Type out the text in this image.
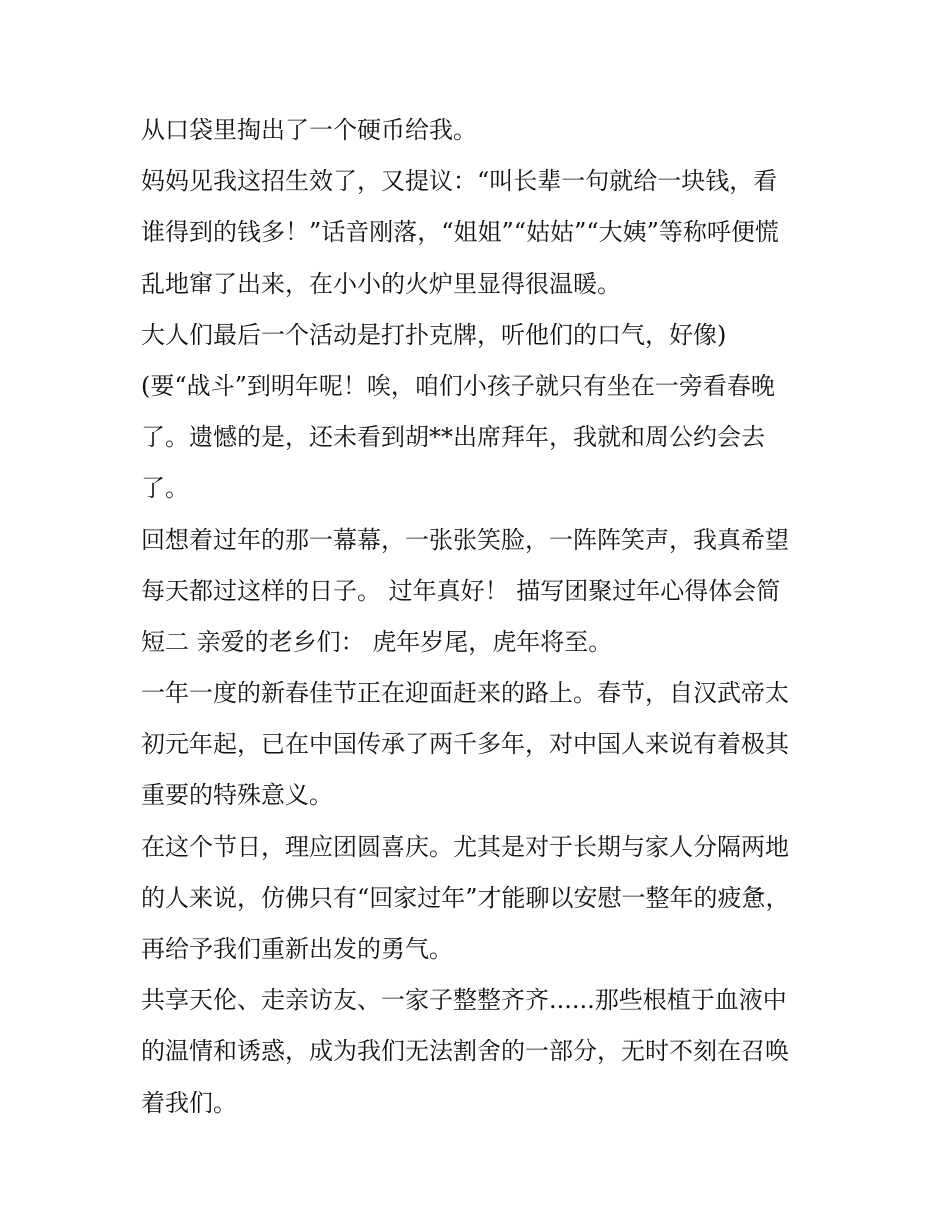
从口袋里掏出了一个硬币给我。
妈妈见我这招生效了，又提议：“叫长辈一句就给一块钱，看
谁得到的钱多！”话音刚落，“姐姐”“姑姑”“大姨”等称呼便慌
乱地窜了出来，在小小的火炉里显得很温暖。
大人们最后一个活动是打扑克牌，听他们的口气，好像)
(要“战斗”到明年呢！唉，咱们小孩子就只有坐在一旁看春晚
了。遗憾的是，还未看到胡**出席拜年，我就和周公约会去
了。
回想着过年的那一幕幕，一张张笑脸，一阵阵笑声，我真希望
每天都过这样的日子。 过年真好！ 描写团聚过年心得体会简
短二 亲爱的老乡们： 虎年岁尾，虎年将至。
一年一度的新春佳节正在迎面赶来的路上。春节，自汉武帝太
初元年起，已在中国传承了两千多年，对中国人来说有着极其
重要的特殊意义。
在这个节日，理应团圆喜庆。尤其是对于长期与家人分隔两地
的人来说，仿佛只有“回家过年”才能聊以安慰一整年的疲惫，
再给予我们重新出发的勇气。
共享天伦、走亲访友、一家子整整齐齐......那些根植于血液中
的温情和诱惑，成为我们无法割舍的一部分，无时不刻在召唤
着我们。
